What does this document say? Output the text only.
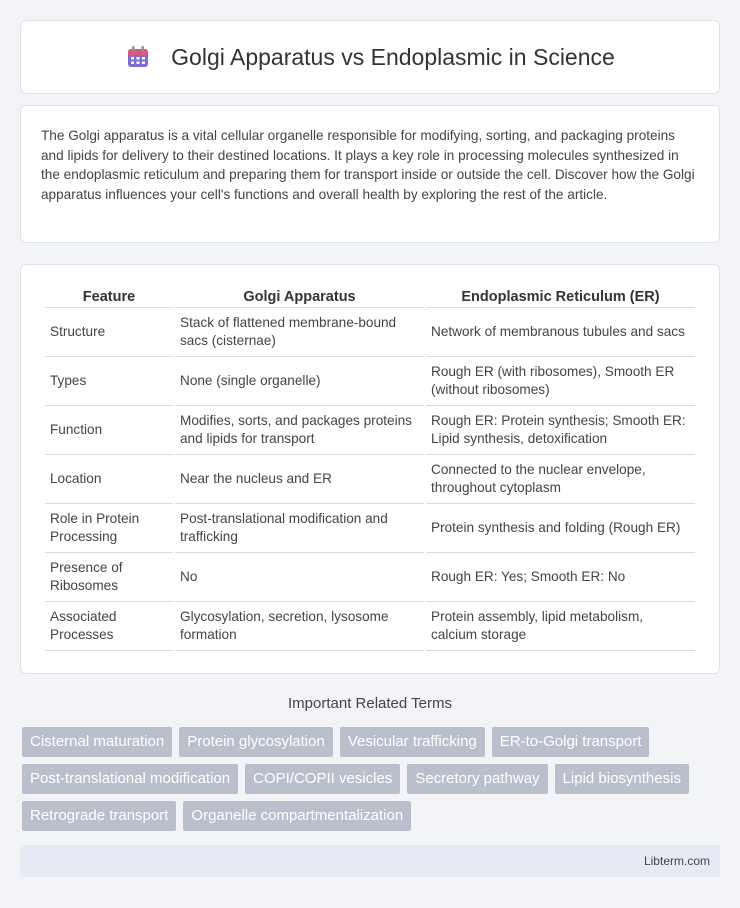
Golgi Apparatus vs Endoplasmic in Science

The Golgi apparatus is a vital cellular organelle responsible for modifying, sorting, and packaging proteins and lipids for delivery to their destined locations. It plays a key role in processing molecules synthesized in the endoplasmic reticulum and preparing them for transport inside or outside the cell. Discover how the Golgi apparatus influences your cell's functions and overall health by exploring the rest of the article.

Feature	Golgi Apparatus	Endoplasmic Reticulum (ER)
Structure	Stack of flattened membrane-bound sacs (cisternae)	Network of membranous tubules and sacs
Types	None (single organelle)	Rough ER (with ribosomes), Smooth ER (without ribosomes)
Function	Modifies, sorts, and packages proteins and lipids for transport	Rough ER: Protein synthesis; Smooth ER: Lipid synthesis, detoxification
Location	Near the nucleus and ER	Connected to the nuclear envelope, throughout cytoplasm
Role in Protein Processing	Post-translational modification and trafficking	Protein synthesis and folding (Rough ER)
Presence of Ribosomes	No	Rough ER: Yes; Smooth ER: No
Associated Processes	Glycosylation, secretion, lysosome formation	Protein assembly, lipid metabolism, calcium storage
Important Related Terms
Cisternal maturation	Protein glycosylation	Vesicular trafficking	ER-to-Golgi transport
Post-translational modification	COPI/COPII vesicles	Secretory pathway	Lipid biosynthesis
Retrograde transport	Organelle compartmentalization
Libterm.com
